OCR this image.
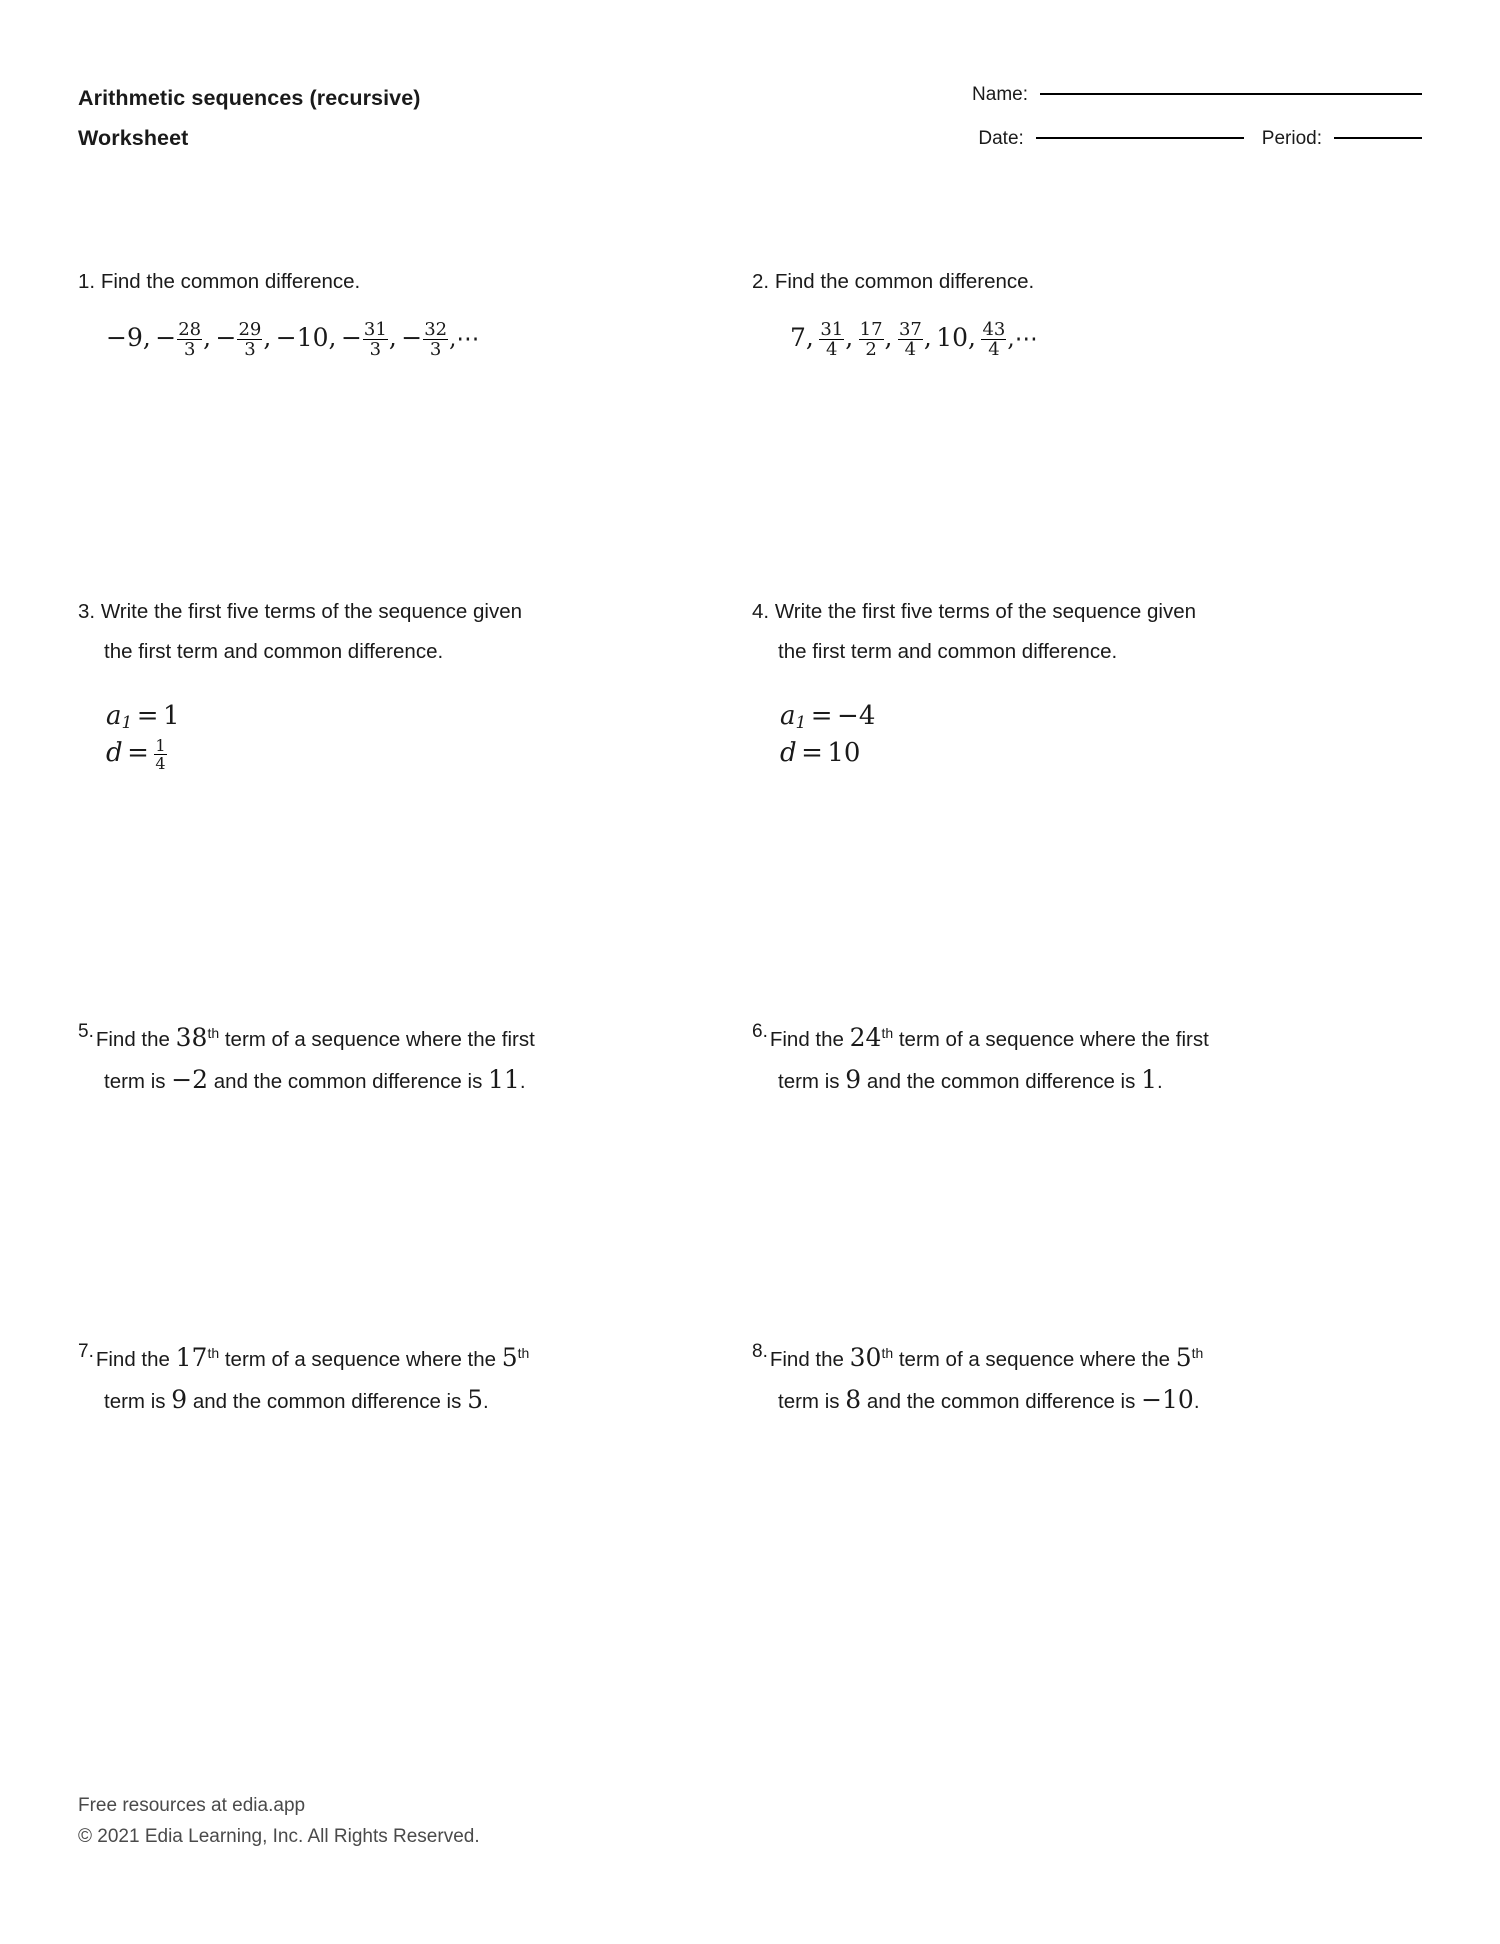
Arithmetic sequences (recursive)
Worksheet
Name:
Date:	Period:
1. Find the common difference.
−9, − $\frac{28}{3}$ , − $\frac{29}{3}$ , −10, − $\frac{31}{3}$ , − $\frac{32}{3}$ ,⋯
2. Find the common difference.
7, $\frac{31}{4}$ , $\frac{17}{2}$ , $\frac{37}{4}$ , 10, $\frac{43}{4}$ ,⋯
3. Write the first five terms of the sequence given
the first term and common difference.
$a_1 = 1$
$d = \frac{1}{4}$
4. Write the first five terms of the sequence given
the first term and common difference.
$a_1 = -4$
d = 10
5.Find the 38th term of a sequence where the first
term is −2 and the common difference is 11.
6.Find the 24th term of a sequence where the first
term is 9 and the common difference is 1.
7.Find the 17th term of a sequence where the 5th
term is 9 and the common difference is 5.
8.Find the 30th term of a sequence where the 5th
term is 8 and the common difference is −10.
Free resources at edia.app
© 2021 Edia Learning, Inc. All Rights Reserved.
